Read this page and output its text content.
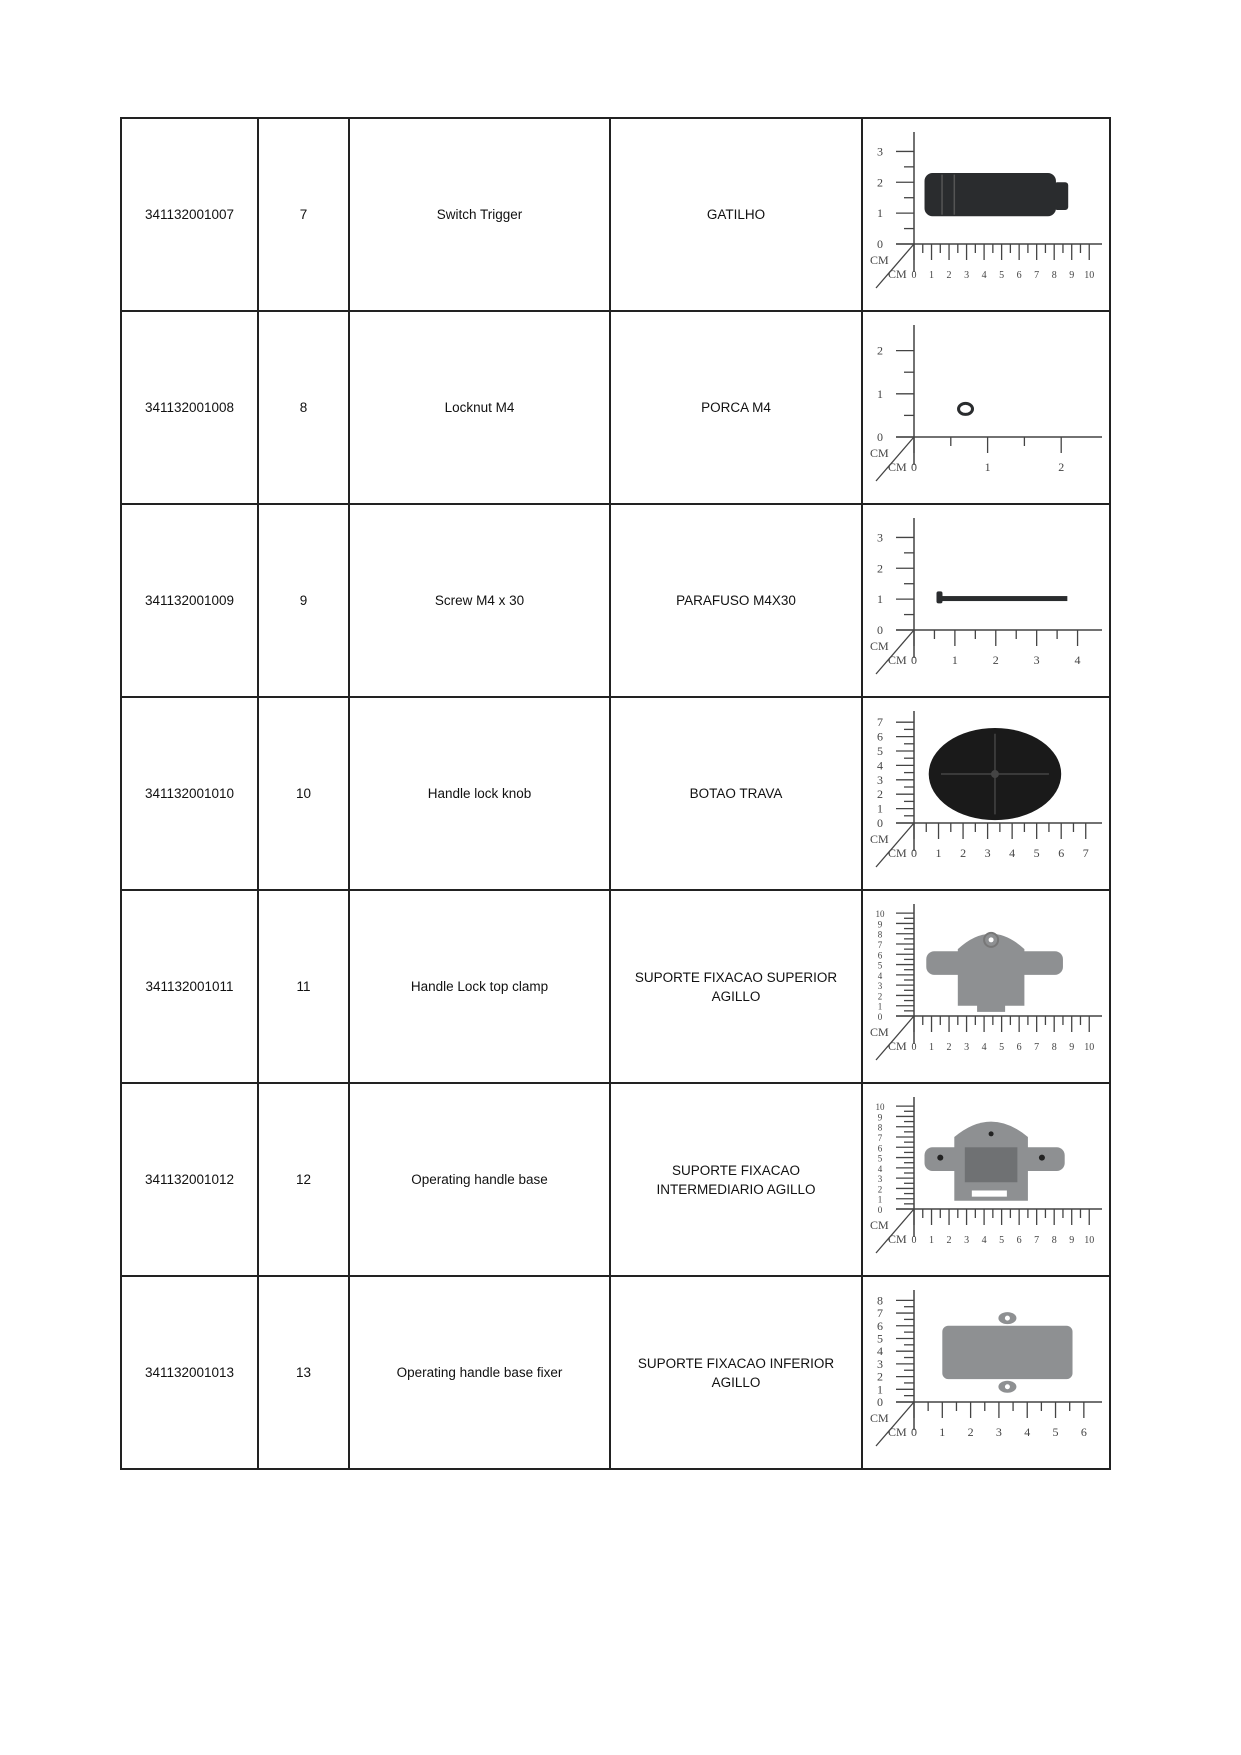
341132001007	7	Switch Trigger	GATILHO	
3
2
1
0
0 1 2 3 4 5 6 7 8 9 10
CM
CM

341132001008	8	Locknut M4	PORCA M4	
2
1
0
0	1	2
CM
CM

341132001009	9	Screw M4 x 30	PARAFUSO M4X30	
3
2
1
0
0	1	2	3	4
CM
CM

341132001010	10	Handle lock knob	BOTAO TRAVA	
7
6
5
4
3
2
1
0
0 1 2 3 4 5 6 7
CM
CM

341132001011	11	Handle Lock top clamp	SUPORTE FIXACAO SUPERIOR AGILLO	
10
9
8
7
6
5
4
3
2
1
0
0 1 2 3 4 5 6 7 8 9 10
CM
CM

341132001012	12	Operating handle base	SUPORTE FIXACAO INTERMEDIARIO AGILLO	
10
9
8
7
6
5
4
3
2
1
0
0 1 2 3 4 5 6 7 8 9 10
CM
CM

341132001013	13	Operating handle base fixer	SUPORTE FIXACAO INFERIOR AGILLO	
8
7
6
5
4
3
2
1
0
0 1 2 3 4 5 6
CM
CM
